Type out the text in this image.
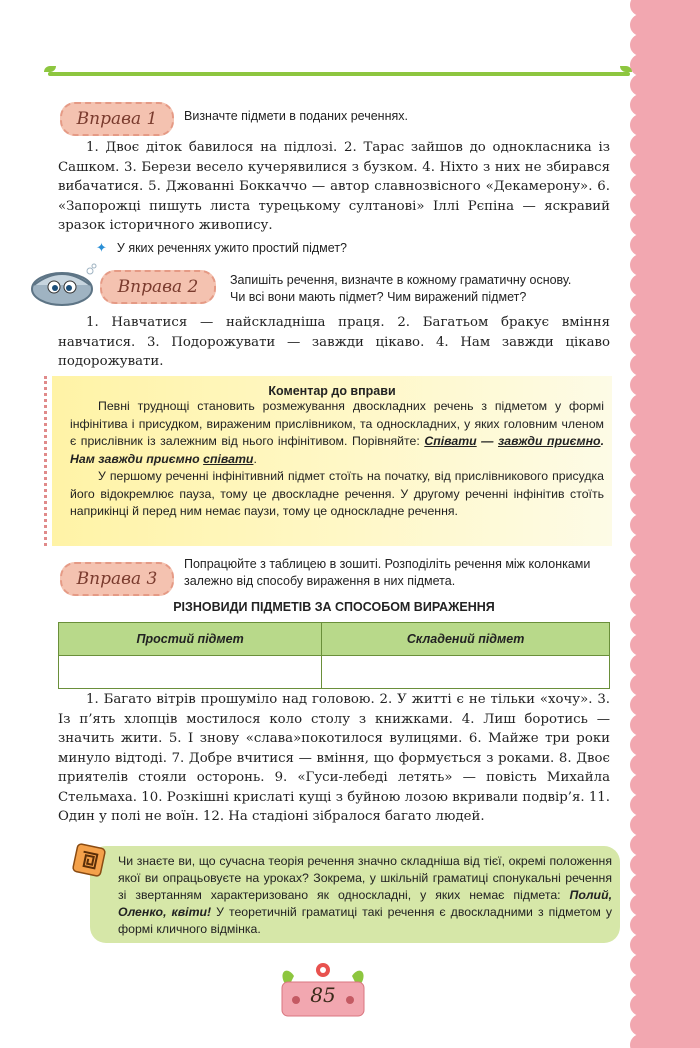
Вправа 1	Визначте підмети в поданих реченнях.
1. Двоє діток бавилося на підлозі. 2. Тарас зайшов до однокласника із Сашком. 3. Берези весело кучерявилися з бузком. 4. Ніхто з них не збирався вибачатися. 5. Джованні Боккаччо — автор славнозвісного «Декамерону». 6. «Запорожці пишуть листа турецькому султанові» Іллі Рєпіна — яскравий зразок історичного живопису.
✦ У яких реченнях ужито простий підмет?
Вправа 2	Запишіть речення, визначте в кожному граматичну основу.
Чи всі вони мають підмет? Чим виражений підмет?
1. Навчатися — найскладніша праця. 2. Багатьом бракує вміння навчатися. 3. Подорожувати — завжди цікаво. 4. Нам завжди цікаво подорожувати.
Коментар до вправи
Певні труднощі становить розмежування двоскладних речень з підметом у формі інфінітива і присудком, вираженим прислівником, та односкладних, у яких головним членом є прислівник із залежним від нього інфінітивом. Порівняйте: Співати — завжди приємно. Нам завжди приємно співати.
У першому реченні інфінітивний підмет стоїть на початку, від прислівникового присудка його відокремлює пауза, тому це двоскладне речення. У другому реченні інфінітив стоїть наприкінці й перед ним немає паузи, тому це односкладне речення.
Вправа 3
Попрацюйте з таблицею в зошиті. Розподіліть речення між колонками залежно від способу вираження в них підмета.
РІЗНОВИДИ ПІДМЕТІВ ЗА СПОСОБОМ ВИРАЖЕННЯ
Простий підмет	Складений підмет

1. Багато вітрів прошуміло над головою. 2. У житті є не тільки «хочу». 3. Із п’ять хлопців мостилося коло столу з книжками. 4. Лиш боротись — значить жити. 5. І знову «слава»покотилося вулицями. 6. Майже три роки минуло відтоді. 7. Добре вчитися — вміння, що формується з роками. 8. Двоє приятелів стояли осторонь. 9. «Гуси-лебеді летять» — повість Михайла Стельмаха. 10. Розкішні крислаті кущі з буйною лозою вкривали подвір’я. 11. Один у полі не воїн. 12. На стадіоні зібралося багато людей.
Чи знаєте ви, що сучасна теорія речення значно складніша від тієї, окремі положення якої ви опрацьовуєте на уроках? Зокрема, у шкільній граматиці спонукальні речення зі звертанням характеризовано як односкладні, у яких немає підмета: Полий, Оленко, квіти! У теоретичній граматиці такі речення є двоскладними з підметом у формі кличного відмінка.
85
